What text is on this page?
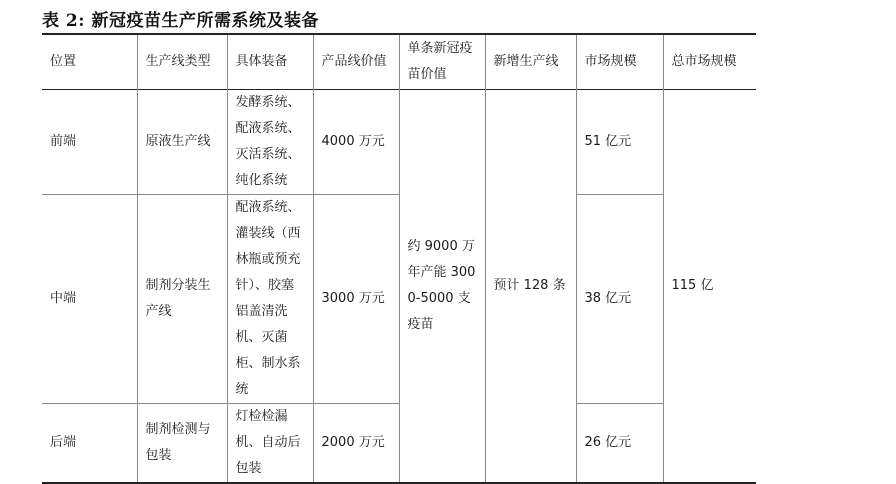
表 2: 新冠疫苗生产所需系统及装备
位置	生产线类型	具体装备	产品线价值	单条新冠疫苗价值	新增生产线	市场规模	总市场规模
前端	原液生产线	发酵系统、配液系统、灭活系统、纯化系统	4000 万元	约 9000 万年产能 3000-5000 支疫苗	预计 128 条	51 亿元	115 亿
中端	制剂分装生产线	配液系统、灌装线（西林瓶或预充针）、胶塞铝盖清洗机、灭菌柜、制水系统	3000 万元			38 亿元	
后端	制剂检测与包装	灯检检漏机、自动后包装	2000 万元			26 亿元	
